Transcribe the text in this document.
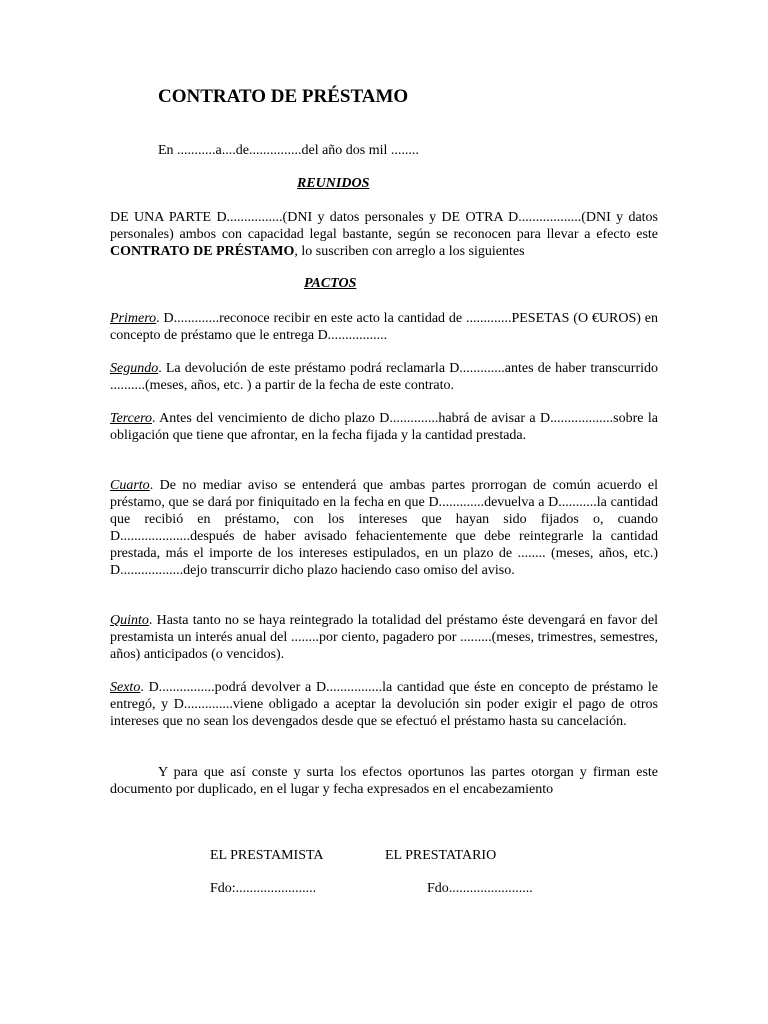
CONTRATO DE PRÉSTAMO
En ...........a....de...............del año dos mil ........
REUNIDOS

DE UNA PARTE D................(DNI y datos personales y DE OTRA D..................(DNI y datos personales) ambos con capacidad legal bastante, según se reconocen para llevar a efecto este CONTRATO DE PRÉSTAMO, lo suscriben con arreglo a los siguientes

PACTOS

Primero. D.............reconoce recibir en este acto la cantidad de .............PESETAS (O €UROS) en concepto de préstamo que le entrega D.................

Segundo. La devolución de este préstamo podrá reclamarla D.............antes de haber transcurrido ..........(meses, años, etc. ) a partir de la fecha de este contrato.

Tercero. Antes del vencimiento de dicho plazo D..............habrá de avisar a D..................sobre la obligación que tiene que afrontar, en la fecha fijada y la cantidad prestada.

Cuarto. De no mediar aviso se entenderá que ambas partes prorrogan de común acuerdo el préstamo, que se dará por finiquitado en la fecha en que D.............devuelva a D...........la cantidad que recibió en préstamo, con los intereses que hayan sido fijados o, cuando D....................después de haber avisado fehacientemente que debe reintegrarle la cantidad prestada, más el importe de los intereses estipulados, en un plazo de ........ (meses, años, etc.) D..................dejo transcurrir dicho plazo haciendo caso omiso del aviso.

Quinto. Hasta tanto no se haya reintegrado la totalidad del préstamo éste devengará en favor del prestamista un interés anual del ........por ciento, pagadero por .........(meses, trimestres, semestres, años) anticipados (o vencidos).

Sexto. D................podrá devolver a D................la cantidad que éste en concepto de préstamo le entregó, y D..............viene obligado a aceptar la devolución sin poder exigir el pago de otros intereses que no sean los devengados desde que se efectuó el préstamo hasta su cancelación.

Y para que así conste y surta los efectos oportunos las partes otorgan y firman este documento por duplicado, en el lugar y fecha expresados en el encabezamiento

EL PRESTAMISTA	EL PRESTATARIO
Fdo:.......................	Fdo........................
